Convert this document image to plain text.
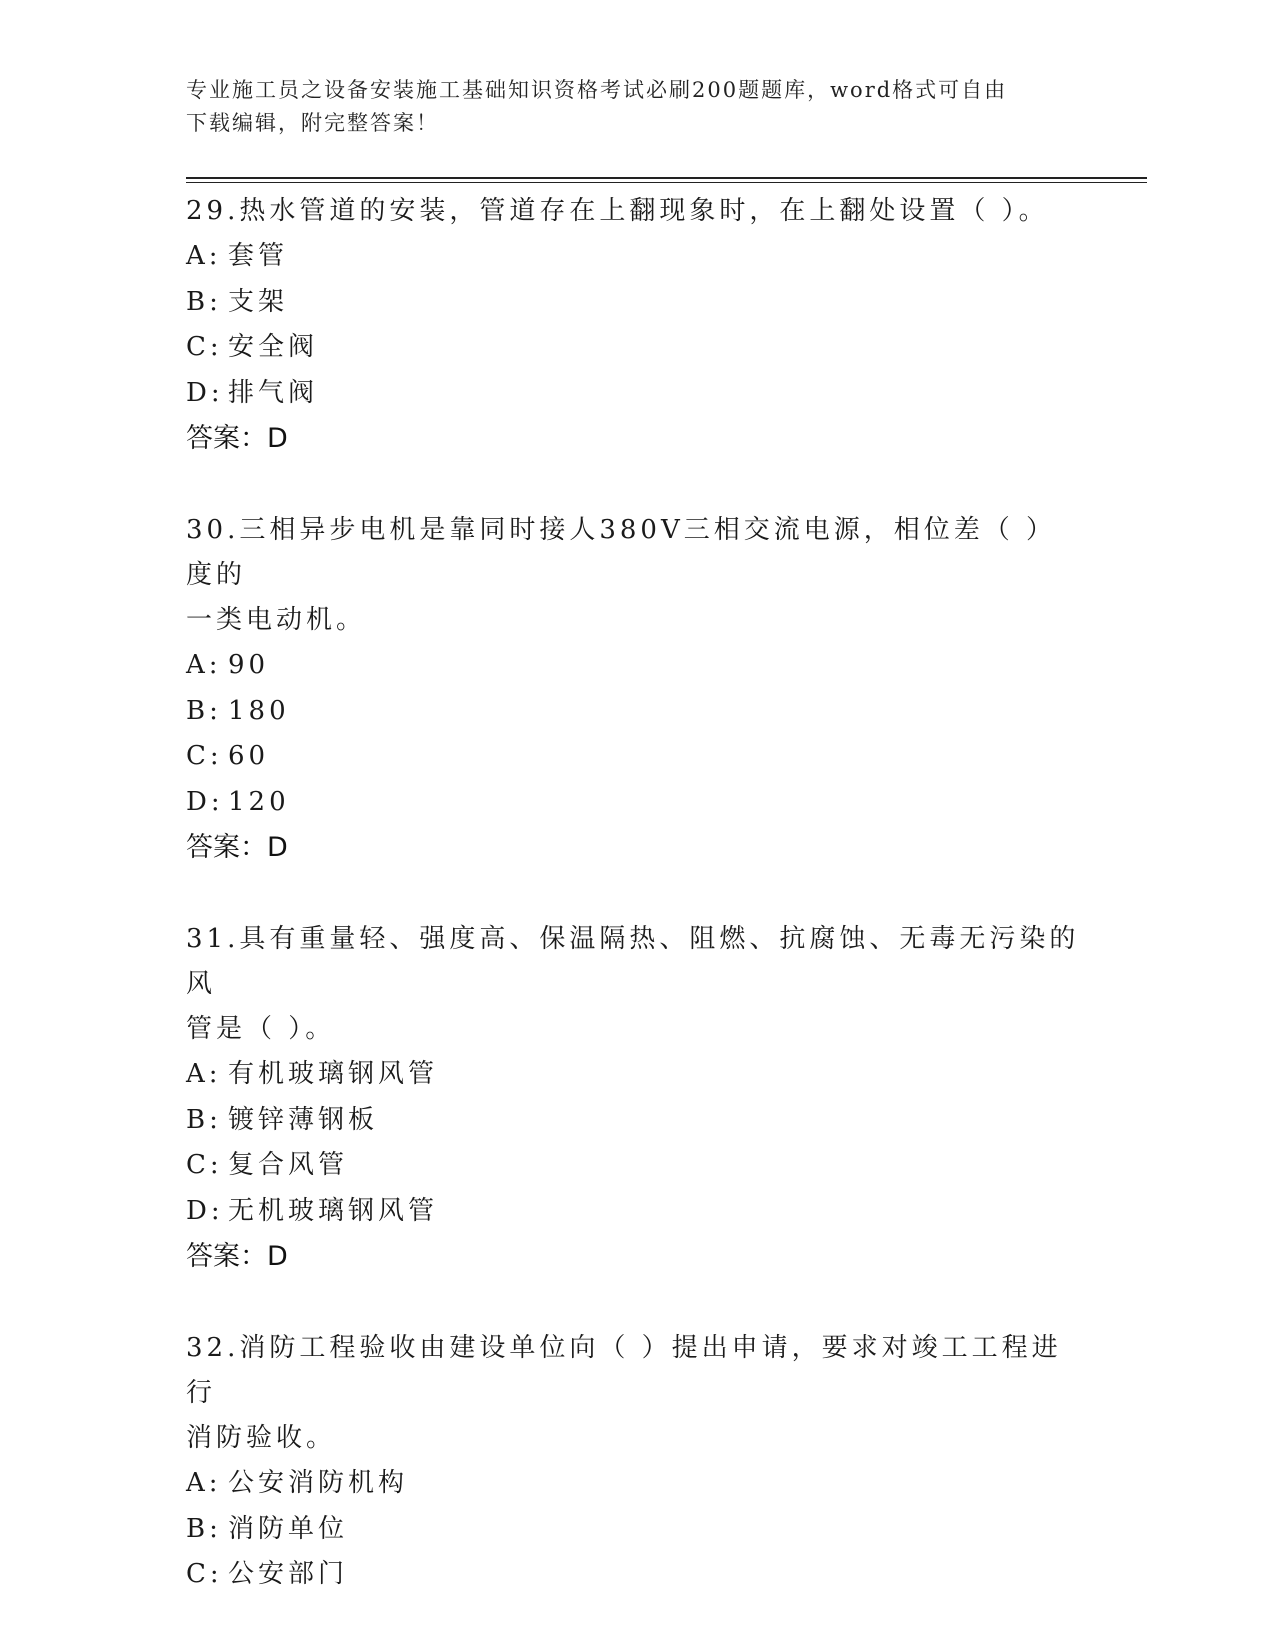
专业施工员之设备安装施工基础知识资格考试必刷200题题库，word格式可自由
下载编辑，附完整答案！
29.热水管道的安装，管道存在上翻现象时，在上翻处设置（ ）。
A: 套管
B: 支架
C: 安全阀
D: 排气阀
答案：D
30.三相异步电机是靠同时接人380V三相交流电源，相位差（ ）度的
一类电动机。
A: 90
B: 180
C: 60
D: 120
答案：D
31.具有重量轻、强度高、保温隔热、阻燃、抗腐蚀、无毒无污染的风
管是（ ）。
A: 有机玻璃钢风管
B: 镀锌薄钢板
C: 复合风管
D: 无机玻璃钢风管
答案：D
32.消防工程验收由建设单位向（ ）提出申请，要求对竣工工程进行
消防验收。
A: 公安消防机构
B: 消防单位
C: 公安部门
